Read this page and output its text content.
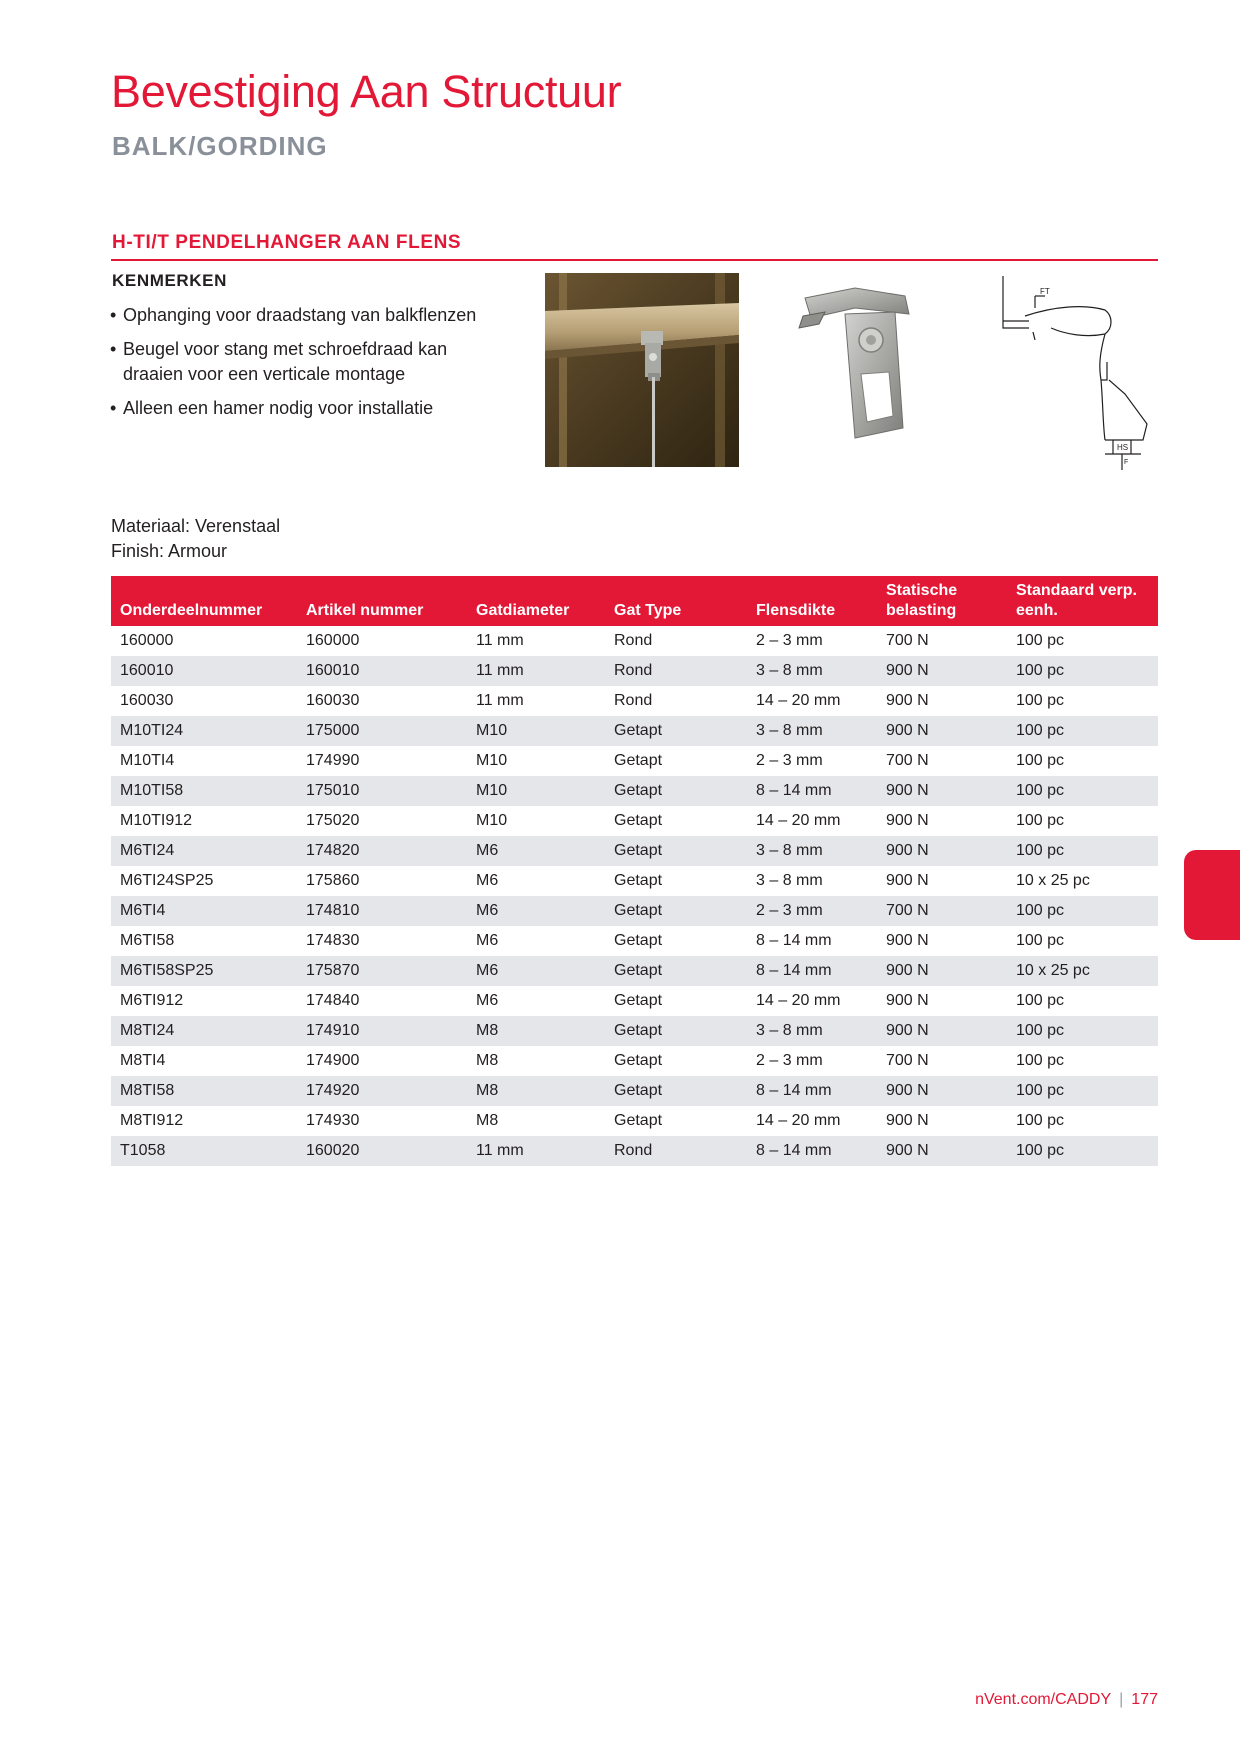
Bevestiging Aan Structuur
BALK/GORDING
H-TI/T PENDELHANGER AAN FLENS
KENMERKEN
• Ophanging voor draadstang van balkflenzen
• Beugel voor stang met schroefdraad kan draaien voor een verticale montage
• Alleen een hamer nodig voor installatie
Materiaal: Verenstaal
Finish: Armour
FT
HS
F
Onderdeelnummer	Artikel nummer	Gatdiameter	Gat Type	Flensdikte	Statische belasting	Standaard verp. eenh.
160000	160000	11 mm	Rond	2 – 3 mm	700 N	100 pc
160010	160010	11 mm	Rond	3 – 8 mm	900 N	100 pc
160030	160030	11 mm	Rond	14 – 20 mm	900 N	100 pc
M10TI24	175000	M10	Getapt	3 – 8 mm	900 N	100 pc
M10TI4	174990	M10	Getapt	2 – 3 mm	700 N	100 pc
M10TI58	175010	M10	Getapt	8 – 14 mm	900 N	100 pc
M10TI912	175020	M10	Getapt	14 – 20 mm	900 N	100 pc
M6TI24	174820	M6	Getapt	3 – 8 mm	900 N	100 pc
M6TI24SP25	175860	M6	Getapt	3 – 8 mm	900 N	10 x 25 pc
M6TI4	174810	M6	Getapt	2 – 3 mm	700 N	100 pc
M6TI58	174830	M6	Getapt	8 – 14 mm	900 N	100 pc
M6TI58SP25	175870	M6	Getapt	8 – 14 mm	900 N	10 x 25 pc
M6TI912	174840	M6	Getapt	14 – 20 mm	900 N	100 pc
M8TI24	174910	M8	Getapt	3 – 8 mm	900 N	100 pc
M8TI4	174900	M8	Getapt	2 – 3 mm	700 N	100 pc
M8TI58	174920	M8	Getapt	8 – 14 mm	900 N	100 pc
M8TI912	174930	M8	Getapt	14 – 20 mm	900 N	100 pc
T1058	160020	11 mm	Rond	8 – 14 mm	900 N	100 pc
nVent.com/CADDY | 177
